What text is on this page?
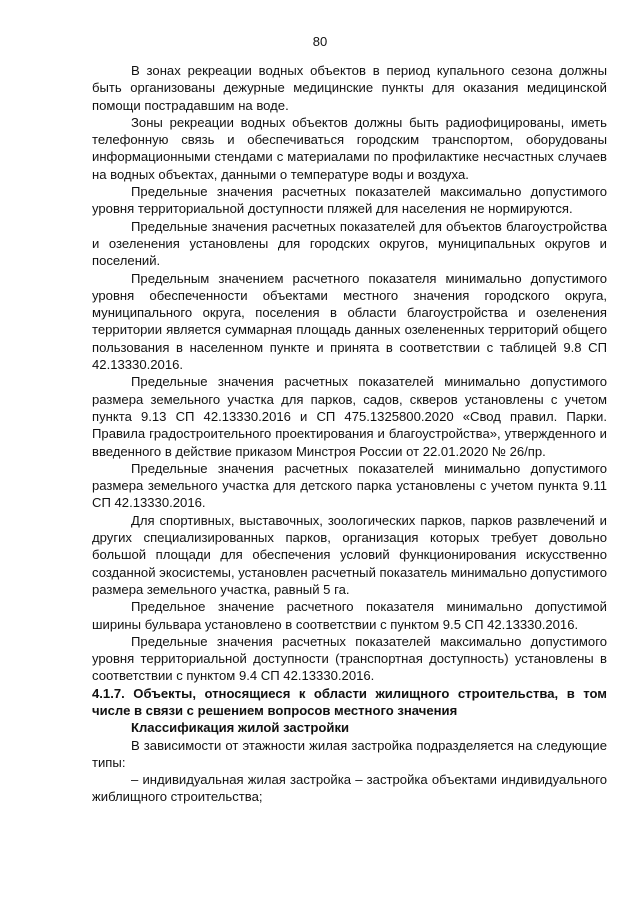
80

В зонах рекреации водных объектов в период купального сезона должны быть организованы дежурные медицинские пункты для оказания медицинской помощи пострадавшим на воде.

Зоны рекреации водных объектов должны быть радиофицированы, иметь телефонную связь и обеспечиваться городским транспортом, оборудованы информационными стендами с материалами по профилактике несчастных случаев на водных объектах, данными о температуре воды и воздуха.

Предельные значения расчетных показателей максимально допустимого уровня территориальной доступности пляжей для населения не нормируются.

Предельные значения расчетных показателей для объектов благоустройства и озеленения установлены для городских округов, муниципальных округов и поселений.

Предельным значением расчетного показателя минимально допустимого уровня обеспеченности объектами местного значения городского округа, муниципального округа, поселения в области благоустройства и озеленения территории является суммарная площадь данных озелененных территорий общего пользования в населенном пункте и принята в соответствии с таблицей 9.8 СП 42.13330.2016.

Предельные значения расчетных показателей минимально допустимого размера земельного участка для парков, садов, скверов установлены с учетом пункта 9.13 СП 42.13330.2016 и СП 475.1325800.2020 «Свод правил. Парки. Правила градостроительного проектирования и благоустройства», утвержденного и введенного в действие приказом Минстроя России от 22.01.2020 № 26/пр.

Предельные значения расчетных показателей минимально допустимого размера земельного участка для детского парка установлены с учетом пункта 9.11 СП 42.13330.2016.

Для спортивных, выставочных, зоологических парков, парков развлечений и других специализированных парков, организация которых требует довольно большой площади для обеспечения условий функционирования искусственно созданной экосистемы, установлен расчетный показатель минимально допустимого размера земельного участка, равный 5 га.

Предельное значение расчетного показателя минимально допустимой ширины бульвара установлено в соответствии с пунктом 9.5 СП 42.13330.2016.

Предельные значения расчетных показателей максимально допустимого уровня территориальной доступности (транспортная доступность) установлены в соответствии с пунктом 9.4 СП 42.13330.2016.

4.1.7. Объекты, относящиеся к области жилищного строительства, в том числе в связи с решением вопросов местного значения

Классификация жилой застройки

В зависимости от этажности жилая застройка подразделяется на следующие типы:

– индивидуальная жилая застройка – застройка объектами индивидуального жиблищного строительства;
